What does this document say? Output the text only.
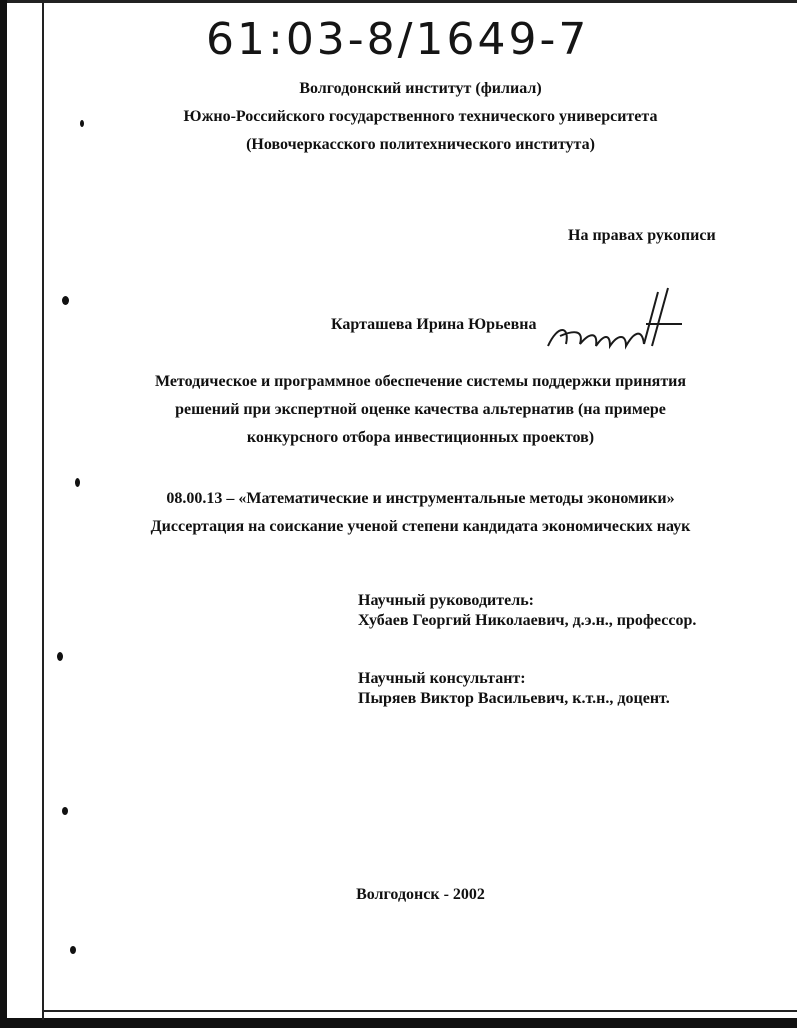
61:03-8/1649-7
Волгодонский институт (филиал)
Южно-Российского государственного технического университета
(Новочеркасского политехнического института)
На правах рукописи
Карташева Ирина Юрьевна
Методическое и программное обеспечение системы поддержки принятия
решений при экспертной оценке качества альтернатив (на примере
конкурсного отбора инвестиционных проектов)
08.00.13 – «Математические и инструментальные методы экономики»
Диссертация на соискание ученой степени кандидата экономических наук
Научный руководитель:
Хубаев Георгий Николаевич, д.э.н., профессор.
Научный консультант:
Пыряев Виктор Васильевич, к.т.н., доцент.
Волгодонск - 2002
